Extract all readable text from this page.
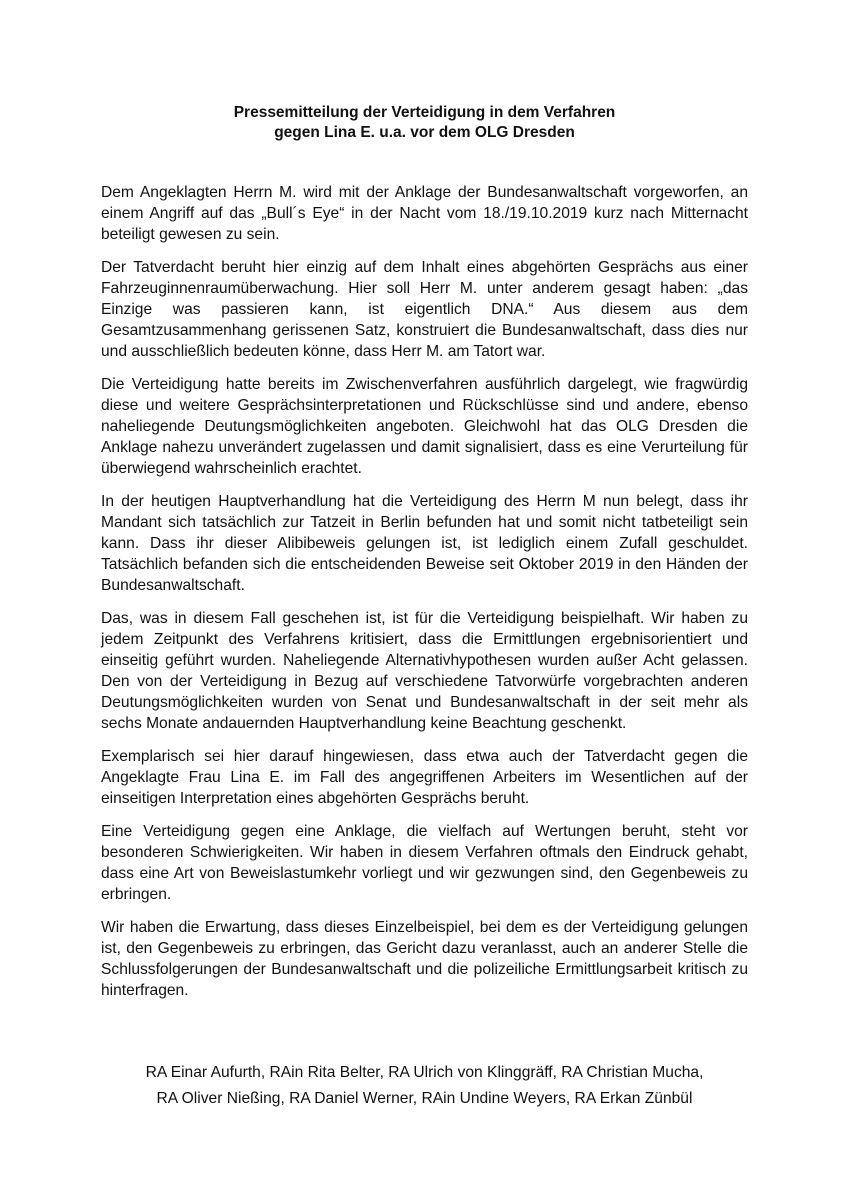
Pressemitteilung der Verteidigung in dem Verfahren
gegen Lina E. u.a. vor dem OLG Dresden

Dem Angeklagten Herrn M. wird mit der Anklage der Bundesanwaltschaft vorgeworfen, an einem Angriff auf das „Bull´s Eye“ in der Nacht vom 18./19.10.2019 kurz nach Mitternacht beteiligt gewesen zu sein.

Der Tatverdacht beruht hier einzig auf dem Inhalt eines abgehörten Gesprächs aus einer Fahrzeuginnenraumüberwachung. Hier soll Herr M. unter anderem gesagt haben: „das Einzige was passieren kann, ist eigentlich DNA.“ Aus diesem aus dem Gesamtzusammenhang gerissenen Satz, konstruiert die Bundesanwaltschaft, dass dies nur und ausschließlich bedeuten könne, dass Herr M. am Tatort war.

Die Verteidigung hatte bereits im Zwischenverfahren ausführlich dargelegt, wie fragwürdig diese und weitere Gesprächsinterpretationen und Rückschlüsse sind und andere, ebenso naheliegende Deutungsmöglichkeiten angeboten. Gleichwohl hat das OLG Dresden die Anklage nahezu unverändert zugelassen und damit signalisiert, dass es eine Verurteilung für überwiegend wahrscheinlich erachtet.

In der heutigen Hauptverhandlung hat die Verteidigung des Herrn M nun belegt, dass ihr Mandant sich tatsächlich zur Tatzeit in Berlin befunden hat und somit nicht tatbeteiligt sein kann. Dass ihr dieser Alibibeweis gelungen ist, ist lediglich einem Zufall geschuldet. Tatsächlich befanden sich die entscheidenden Beweise seit Oktober 2019 in den Händen der Bundesanwaltschaft.

Das, was in diesem Fall geschehen ist, ist für die Verteidigung beispielhaft. Wir haben zu jedem Zeitpunkt des Verfahrens kritisiert, dass die Ermittlungen ergebnisorientiert und einseitig geführt wurden. Naheliegende Alternativhypothesen wurden außer Acht gelassen. Den von der Verteidigung in Bezug auf verschiedene Tatvorwürfe vorgebrachten anderen Deutungsmöglichkeiten wurden von Senat und Bundesanwaltschaft in der seit mehr als sechs Monate andauernden Hauptverhandlung keine Beachtung geschenkt.

Exemplarisch sei hier darauf hingewiesen, dass etwa auch der Tatverdacht gegen die Angeklagte Frau Lina E. im Fall des angegriffenen Arbeiters im Wesentlichen auf der einseitigen Interpretation eines abgehörten Gesprächs beruht.

Eine Verteidigung gegen eine Anklage, die vielfach auf Wertungen beruht, steht vor besonderen Schwierigkeiten. Wir haben in diesem Verfahren oftmals den Eindruck gehabt, dass eine Art von Beweislastumkehr vorliegt und wir gezwungen sind, den Gegenbeweis zu erbringen.

Wir haben die Erwartung, dass dieses Einzelbeispiel, bei dem es der Verteidigung gelungen ist, den Gegenbeweis zu erbringen, das Gericht dazu veranlasst, auch an anderer Stelle die Schlussfolgerungen der Bundesanwaltschaft und die polizeiliche Ermittlungsarbeit kritisch zu hinterfragen.

RA Einar Aufurth, RAin Rita Belter, RA Ulrich von Klinggräff, RA Christian Mucha,
RA Oliver Nießing, RA Daniel Werner, RAin Undine Weyers, RA Erkan Zünbül
